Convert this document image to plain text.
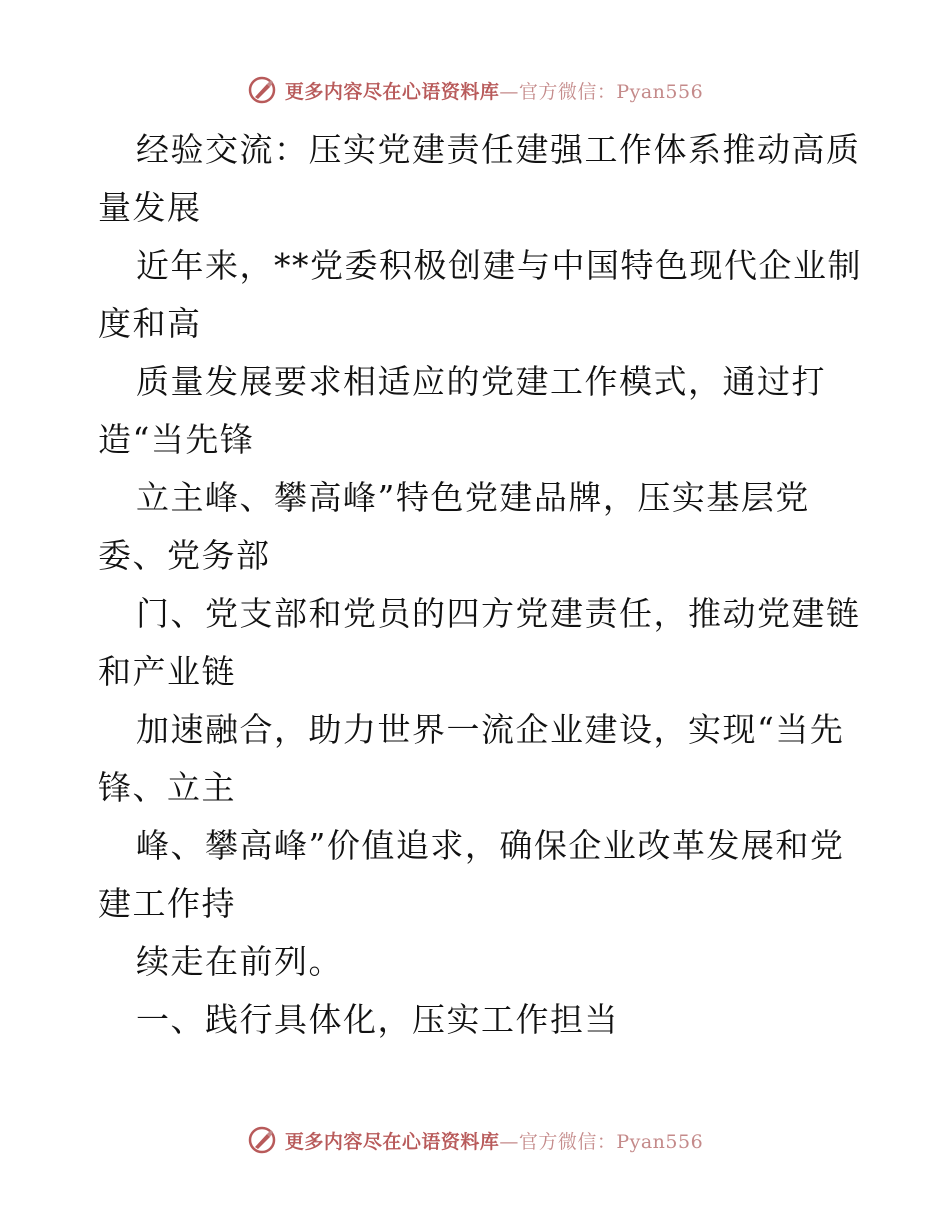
更多内容尽在心语资料库—官方微信：Pyan556
经验交流：压实党建责任建强工作体系推动高质
量发展
近年来，**党委积极创建与中国特色现代企业制
度和高
质量发展要求相适应的党建工作模式，通过打
造“当先锋
立主峰、攀高峰”特色党建品牌，压实基层党
委、党务部
门、党支部和党员的四方党建责任，推动党建链
和产业链
加速融合，助力世界一流企业建设，实现“当先
锋、立主
峰、攀高峰”价值追求，确保企业改革发展和党
建工作持
续走在前列。
一、践行具体化，压实工作担当
更多内容尽在心语资料库—官方微信：Pyan556
